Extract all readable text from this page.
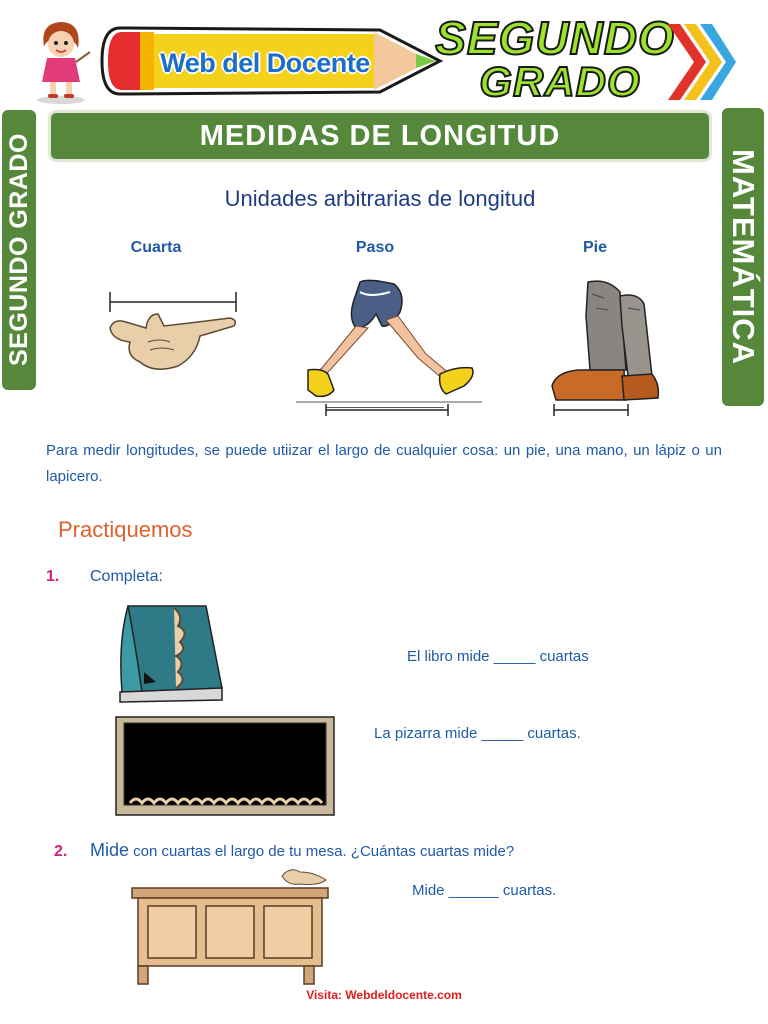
Web del Docente SEGUNDO
GRADO
MEDIDAS DE LONGITUD
SEGUNDO GRADO	MATEMÁTICA
Unidades arbitrarias de longitud
Cuarta	Paso	Pie
Para medir longitudes, se puede utiizar el largo de cualquier cosa: un pie, una mano, un lápiz o un lapicero.
Practiquemos
1. Completa:
El libro mide _____ cuartas
La pizarra mide _____ cuartas.
2. Mide con cuartas el largo de tu mesa. ¿Cuántas cuartas mide?
Mide ______ cuartas.
Visita: Webdeldocente.com
